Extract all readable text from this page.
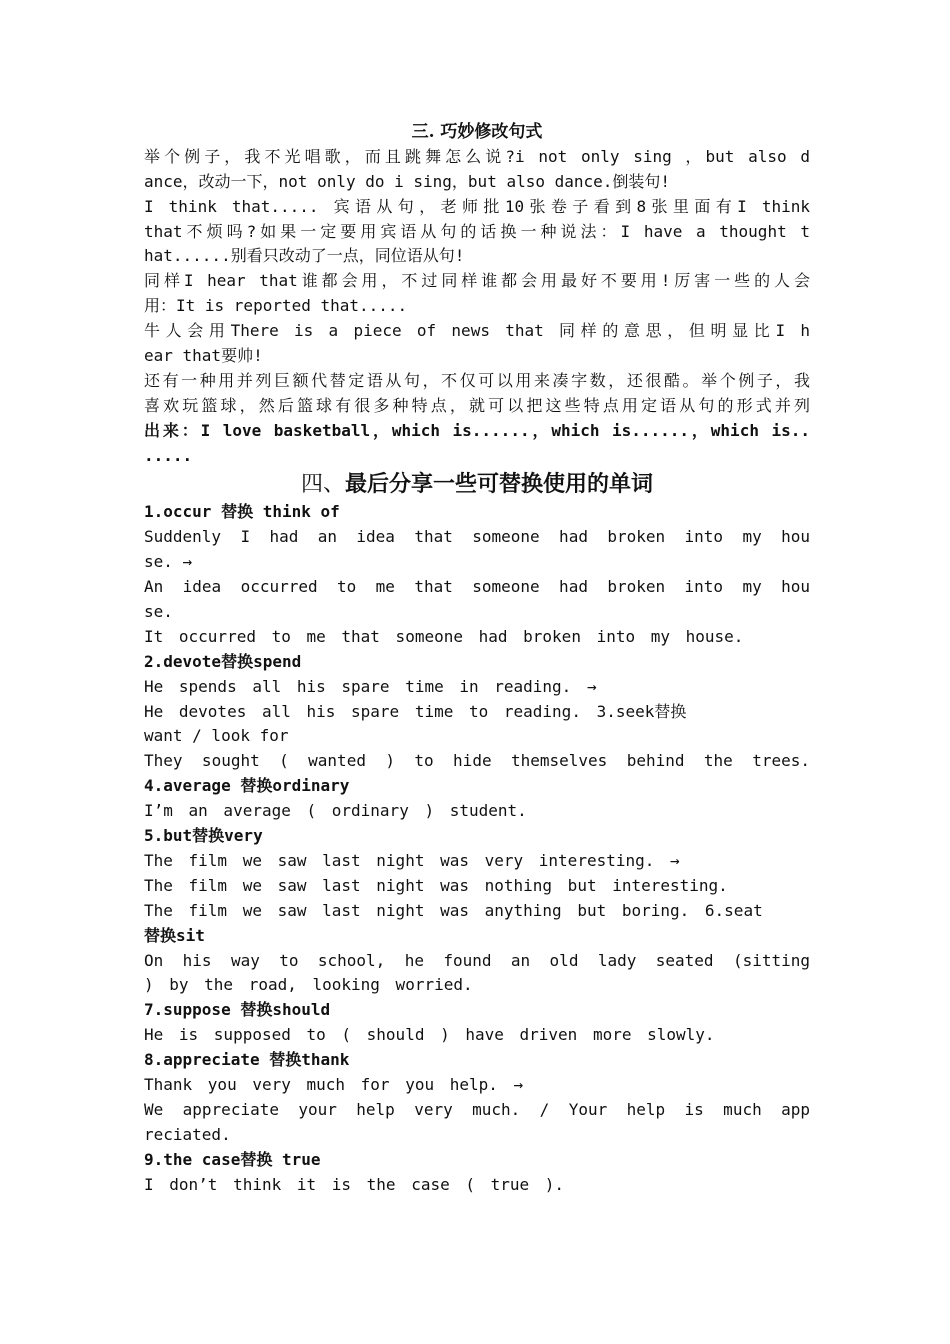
三. 巧妙修改句式
举个例子，我不光唱歌，而且跳舞怎么说?i not only sing ，but also d
ance，改动一下，not only do i sing，but also dance.倒装句!
I think that..... 宾语从句，老师批10张卷子看到8张里面有I think
that不烦吗?如果一定要用宾语从句的话换一种说法：I have a thought t
hat......别看只改动了一点，同位语从句!
同样I hear that谁都会用，不过同样谁都会用最好不要用!厉害一些的人会
用：It is reported that.....
牛人会用There is a piece of news that 同样的意思，但明显比I h
ear that要帅!
还有一种用并列巨额代替定语从句，不仅可以用来凑字数，还很酷。举个例子，我
喜欢玩篮球，然后篮球有很多种特点，就可以把这些特点用定语从句的形式并列
出来：I love basketball，which is......，which is......，which is..
.....
四、最后分享一些可替换使用的单词
1.occur 替换 think of
Suddenly I had an idea that someone had broken into my hou
se. →
An idea occurred to me that someone had broken into my hou
se.
It occurred to me that someone had broken into my house.
2.devote替换spend
He spends all his spare time in reading. →
He devotes all his spare time to reading. 3.seek替换
want / look for
They sought ( wanted ) to hide themselves behind the trees.
4.average 替换ordinary
I’m an average ( ordinary ) student.
5.but替换very
The film we saw last night was very interesting. →
The film we saw last night was nothing but interesting.
The film we saw last night was anything but boring. 6.seat
替换sit
On his way to school, he found an old lady seated (sitting
) by the road, looking worried.
7.suppose 替换should
He is supposed to ( should ) have driven more slowly.
8.appreciate 替换thank
Thank you very much for you help. →
We appreciate your help very much. / Your help is much app
reciated.
9.the case替换 true
I don’t think it is the case ( true ).
